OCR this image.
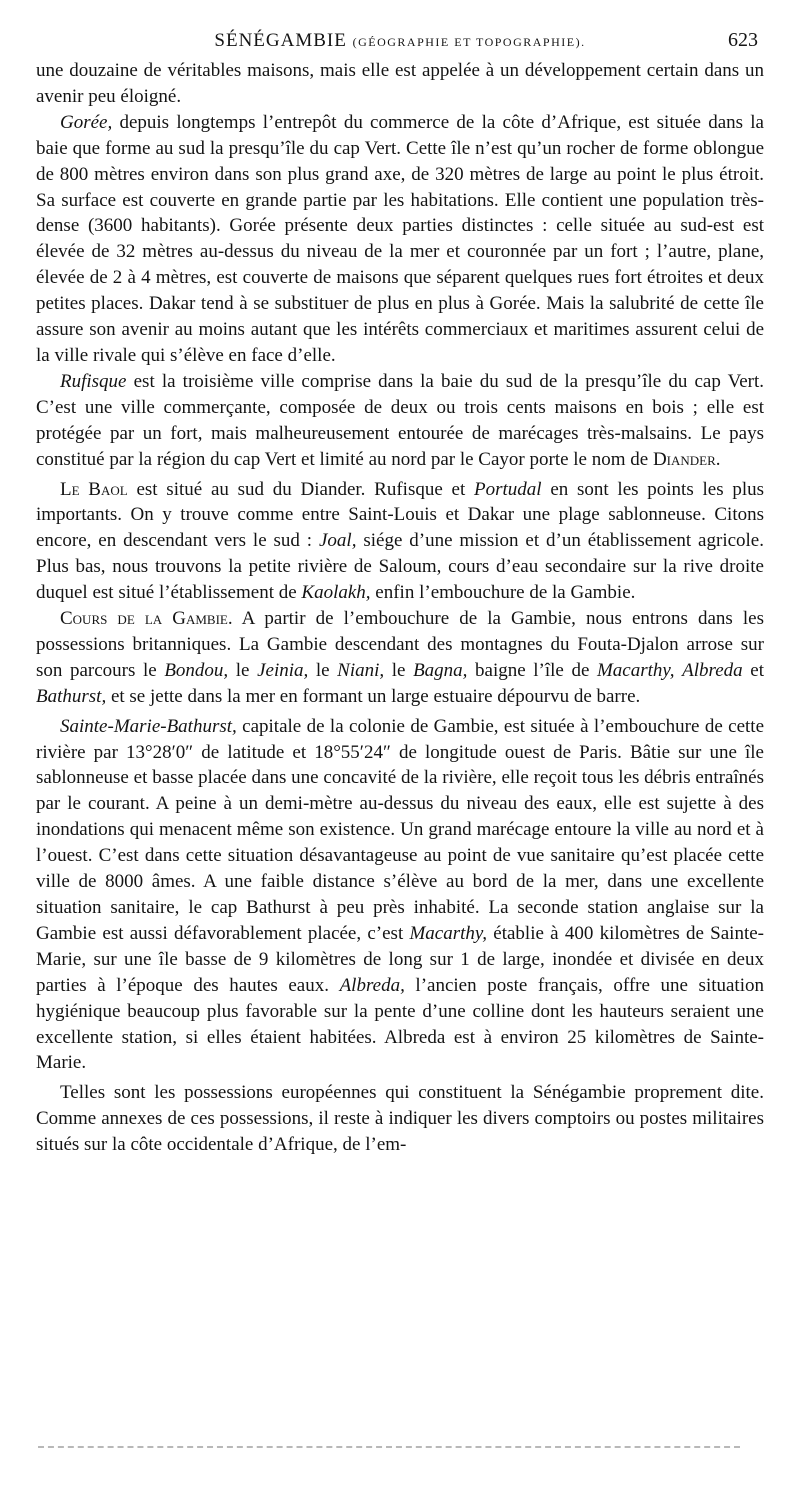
SÉNÉGAMBIE (GÉOGRAPHIE ET TOPOGRAPHIE).	623

une douzaine de véritables maisons, mais elle est appelée à un développement certain dans un avenir peu éloigné.

Gorée, depuis longtemps l’entrepôt du commerce de la côte d’Afrique, est située dans la baie que forme au sud la presqu’île du cap Vert. Cette île n’est qu’un rocher de forme oblongue de 800 mètres environ dans son plus grand axe, de 320 mètres de large au point le plus étroit. Sa surface est couverte en grande partie par les habitations. Elle contient une population très-dense (3600 habitants). Gorée présente deux parties distinctes : celle située au sud-est est élevée de 32 mètres au-dessus du niveau de la mer et couronnée par un fort ; l’autre, plane, élevée de 2 à 4 mètres, est couverte de maisons que séparent quelques rues fort étroites et deux petites places. Dakar tend à se substituer de plus en plus à Gorée. Mais la salubrité de cette île assure son avenir au moins autant que les intérêts commerciaux et maritimes assurent celui de la ville rivale qui s’élève en face d’elle.

Rufisque est la troisième ville comprise dans la baie du sud de la presqu’île du cap Vert. C’est une ville commerçante, composée de deux ou trois cents maisons en bois ; elle est protégée par un fort, mais malheureusement entourée de marécages très-malsains. Le pays constitué par la région du cap Vert et limité au nord par le Cayor porte le nom de Diander.

Le Baol est situé au sud du Diander. Rufisque et Portudal en sont les points les plus importants. On y trouve comme entre Saint-Louis et Dakar une plage sablonneuse. Citons encore, en descendant vers le sud : Joal, siége d’une mission et d’un établissement agricole. Plus bas, nous trouvons la petite rivière de Saloum, cours d’eau secondaire sur la rive droite duquel est situé l’établissement de Kaolakh, enfin l’embouchure de la Gambie.

Cours de la Gambie. A partir de l’embouchure de la Gambie, nous entrons dans les possessions britanniques. La Gambie descendant des montagnes du Fouta-Djalon arrose sur son parcours le Bondou, le Jeinia, le Niani, le Bagna, baigne l’île de Macarthy, Albreda et Bathurst, et se jette dans la mer en formant un large estuaire dépourvu de barre.

Sainte-Marie-Bathurst, capitale de la colonie de Gambie, est située à l’embouchure de cette rivière par 13°28′0″ de latitude et 18°55′24″ de longitude ouest de Paris. Bâtie sur une île sablonneuse et basse placée dans une concavité de la rivière, elle reçoit tous les débris entraînés par le courant. A peine à un demi-mètre au-dessus du niveau des eaux, elle est sujette à des inondations qui menacent même son existence. Un grand marécage entoure la ville au nord et à l’ouest. C’est dans cette situation désavantageuse au point de vue sanitaire qu’est placée cette ville de 8000 âmes. A une faible distance s’élève au bord de la mer, dans une excellente situation sanitaire, le cap Bathurst à peu près inhabité. La seconde station anglaise sur la Gambie est aussi défavorablement placée, c’est Macarthy, établie à 400 kilomètres de Sainte-Marie, sur une île basse de 9 kilomètres de long sur 1 de large, inondée et divisée en deux parties à l’époque des hautes eaux. Albreda, l’ancien poste français, offre une situation hygiénique beaucoup plus favorable sur la pente d’une colline dont les hauteurs seraient une excellente station, si elles étaient habitées. Albreda est à environ 25 kilomètres de Sainte-Marie.

Telles sont les possessions européennes qui constituent la Sénégambie proprement dite. Comme annexes de ces possessions, il reste à indiquer les divers comptoirs ou postes militaires situés sur la côte occidentale d’Afrique, de l’em-
